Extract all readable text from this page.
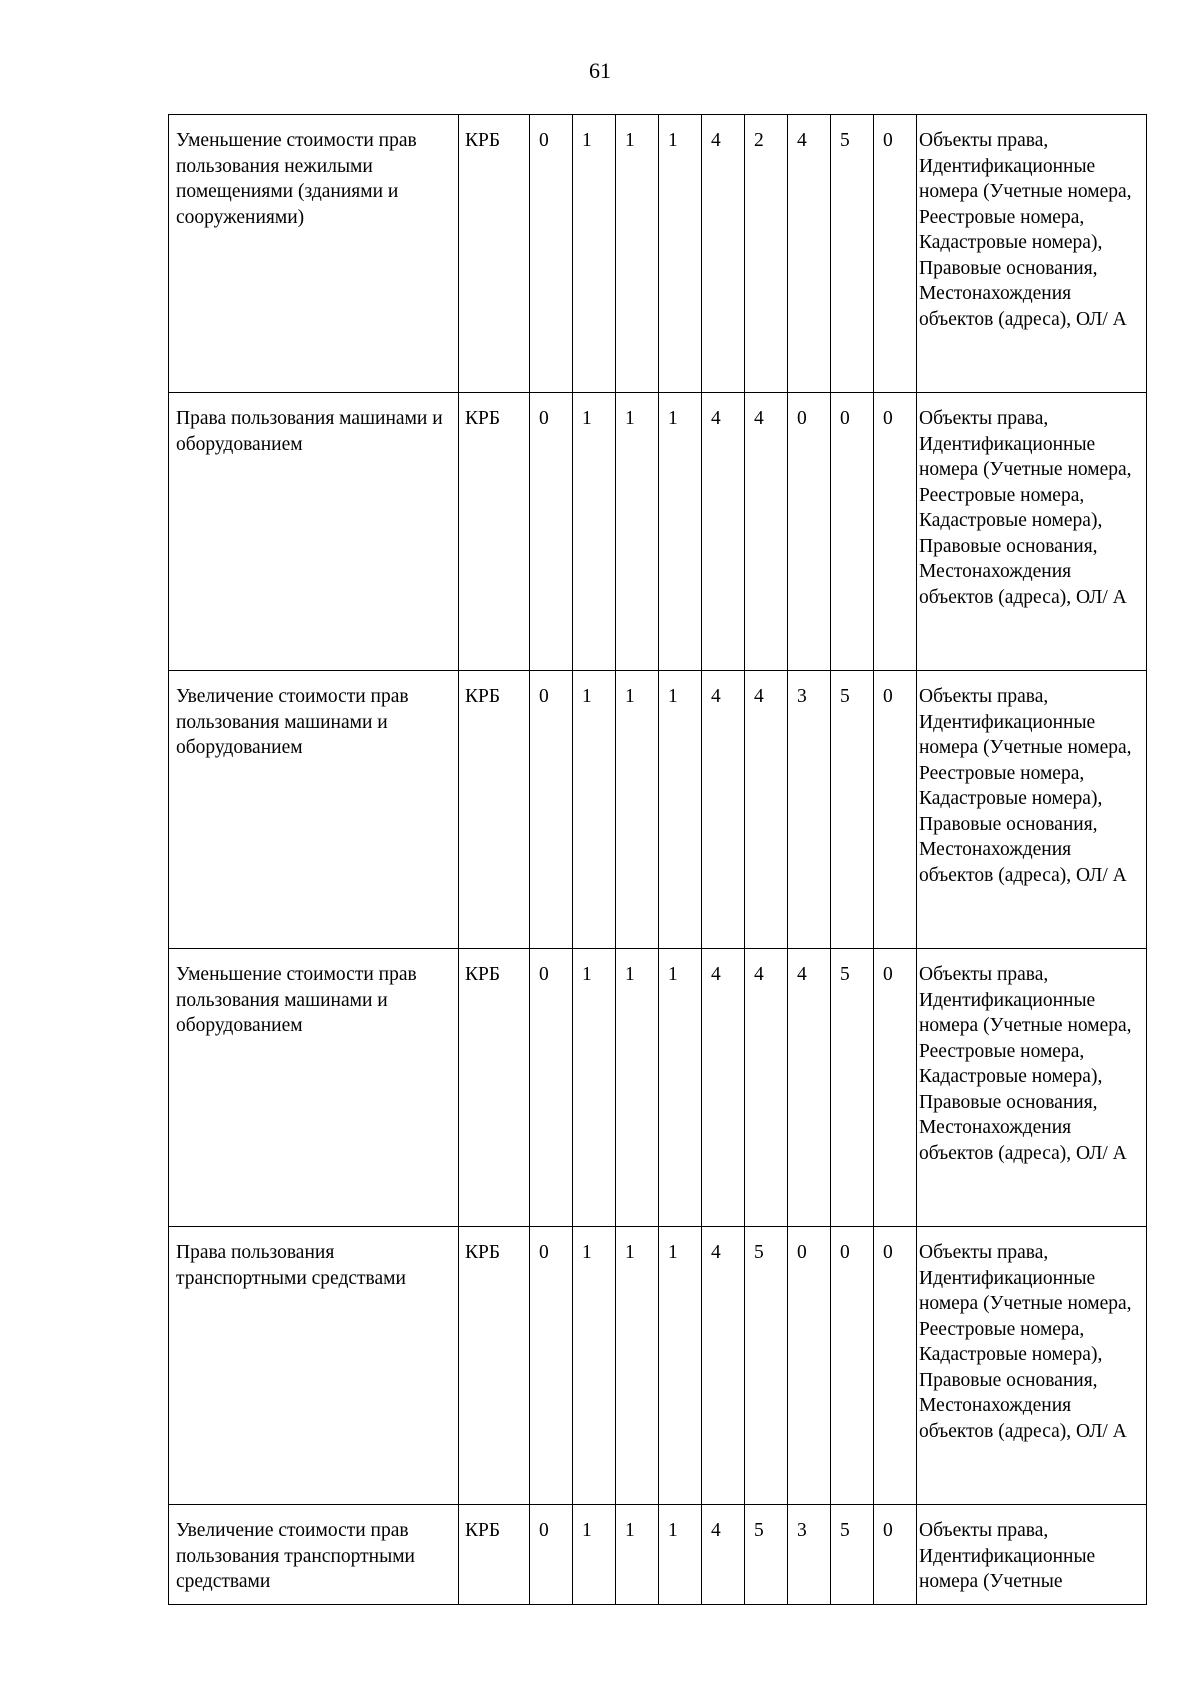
61
Уменьшение стоимости прав пользования нежилыми помещениями (зданиями и сооружениями)	КРБ	0	1	1	1	4	2	4	5	0	Объекты права, Идентификационные номера (Учетные номера, Реестровые номера, Кадастровые номера), Правовые основания, Местонахождения объектов (адреса), ОЛ/ А
Права пользования машинами и оборудованием	КРБ	0	1	1	1	4	4	0	0	0	Объекты права, Идентификационные номера (Учетные номера, Реестровые номера, Кадастровые номера), Правовые основания, Местонахождения объектов (адреса), ОЛ/ А
Увеличение стоимости прав пользования машинами и оборудованием	КРБ	0	1	1	1	4	4	3	5	0	Объекты права, Идентификационные номера (Учетные номера, Реестровые номера, Кадастровые номера), Правовые основания, Местонахождения объектов (адреса), ОЛ/ А
Уменьшение стоимости прав пользования машинами и оборудованием	КРБ	0	1	1	1	4	4	4	5	0	Объекты права, Идентификационные номера (Учетные номера, Реестровые номера, Кадастровые номера), Правовые основания, Местонахождения объектов (адреса), ОЛ/ А
Права пользования транспортными средствами	КРБ	0	1	1	1	4	5	0	0	0	Объекты права, Идентификационные номера (Учетные номера, Реестровые номера, Кадастровые номера), Правовые основания, Местонахождения объектов (адреса), ОЛ/ А
Увеличение стоимости прав пользования транспортными средствами	КРБ	0	1	1	1	4	5	3	5	0	Объекты права, Идентификационные номера (Учетные
